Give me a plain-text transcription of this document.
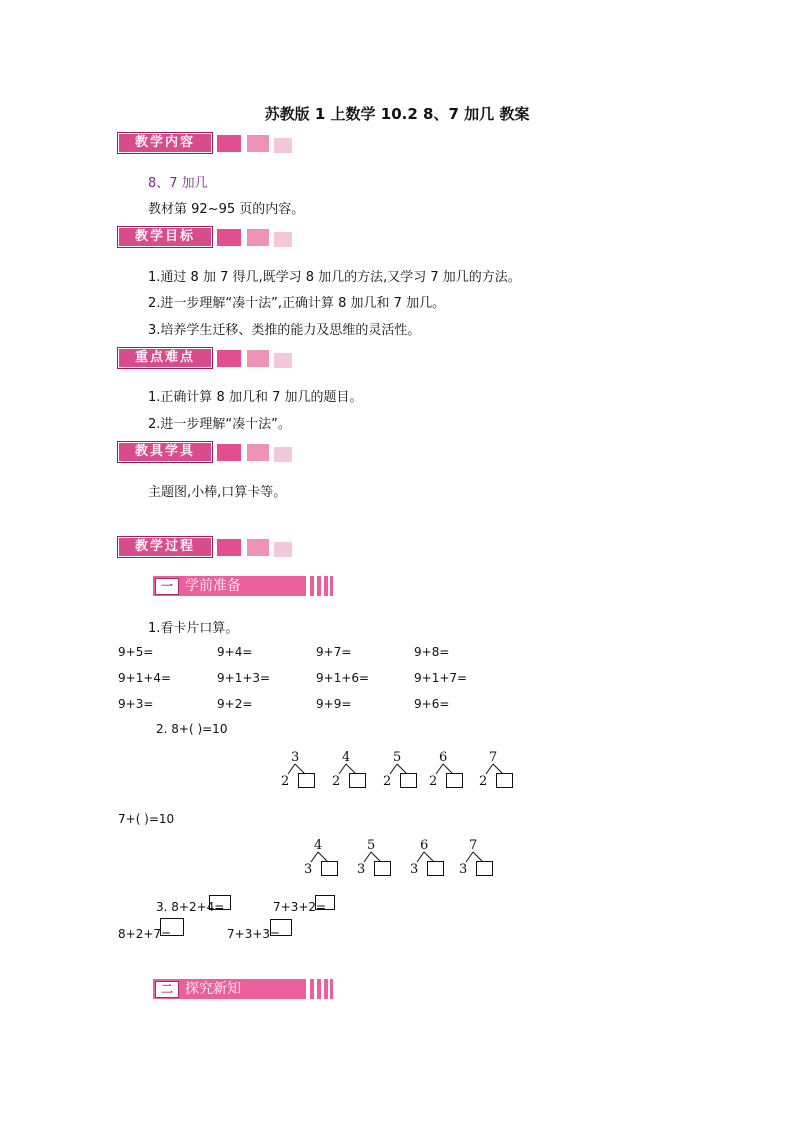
苏教版 1 上数学 10.2 8、7 加几 教案
教学内容
8、7 加几
教材第 92~95 页的内容。
教学目标
1.通过 8 加 7 得几,既学习 8 加几的方法,又学习 7 加几的方法。
2.进一步理解“凑十法”,正确计算 8 加几和 7 加几。
3.培养学生迁移、类推的能力及思维的灵活性。
重点难点
1.正确计算 8 加几和 7 加几的题目。
2.进一步理解“凑十法”。
教具学具
主题图,小棒,口算卡等。
教学过程
一 学前准备
1.看卡片口算。
9+5=	9+4=	9+7=	9+8=
9+1+4=	9+1+3=	9+1+6=	9+1+7=
9+3=	9+2=	9+9=	9+6=
2. 8+( )=10
3
2
4
2
5
2
6
2
7
2
7+( )=10
4
3
5
3
6
3
7
3
3. 8+2+4=	7+3+2=
8+2+7=	7+3+3=
二 探究新知
